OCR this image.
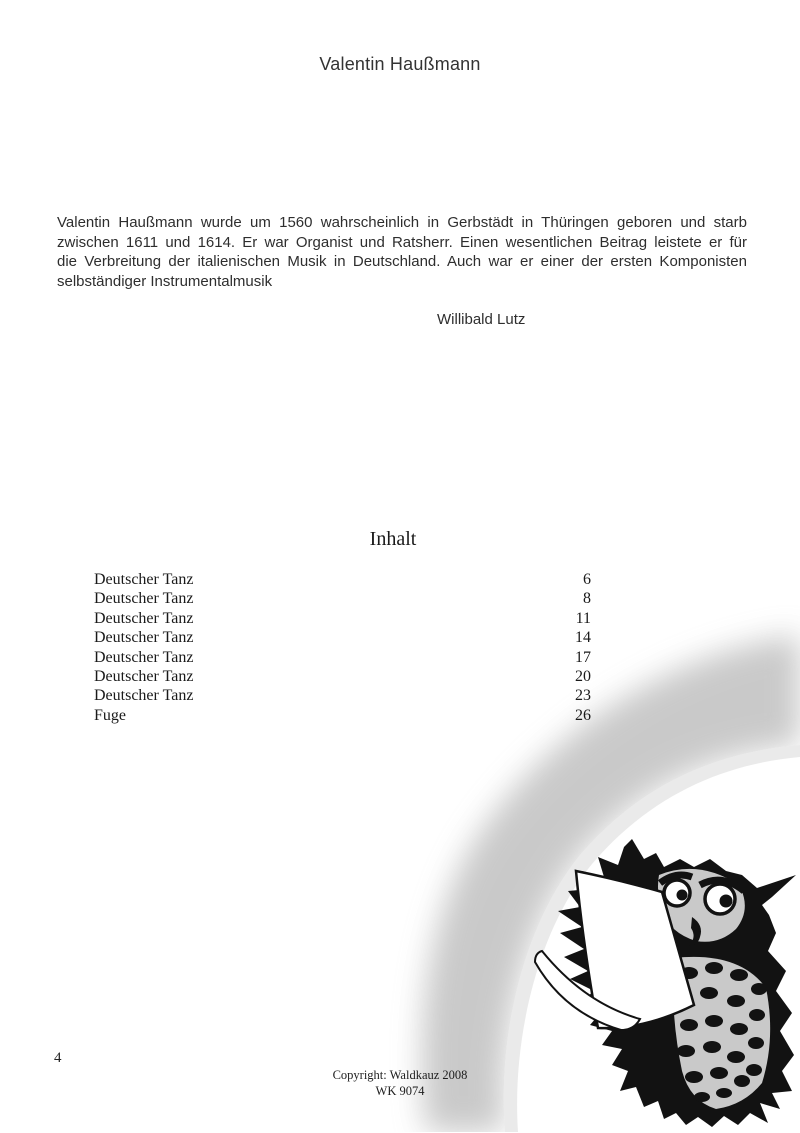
Valentin Haußmann
Valentin Haußmann wurde um 1560 wahrscheinlich in Gerbstädt in Thüringen geboren und starb
zwischen 1611 und 1614. Er war Organist und Ratsherr. Einen wesentlichen Beitrag leistete er für
die Verbreitung der italienischen Musik in Deutschland. Auch war er einer der ersten Komponisten
selbständiger Instrumentalmusik
Willibald Lutz
Inhalt
Deutscher Tanz	6
Deutscher Tanz	8
Deutscher Tanz	11
Deutscher Tanz	14
Deutscher Tanz	17
Deutscher Tanz	20
Deutscher Tanz	23
Fuge	26
4
Copyright: Waldkauz 2008
WK 9074
